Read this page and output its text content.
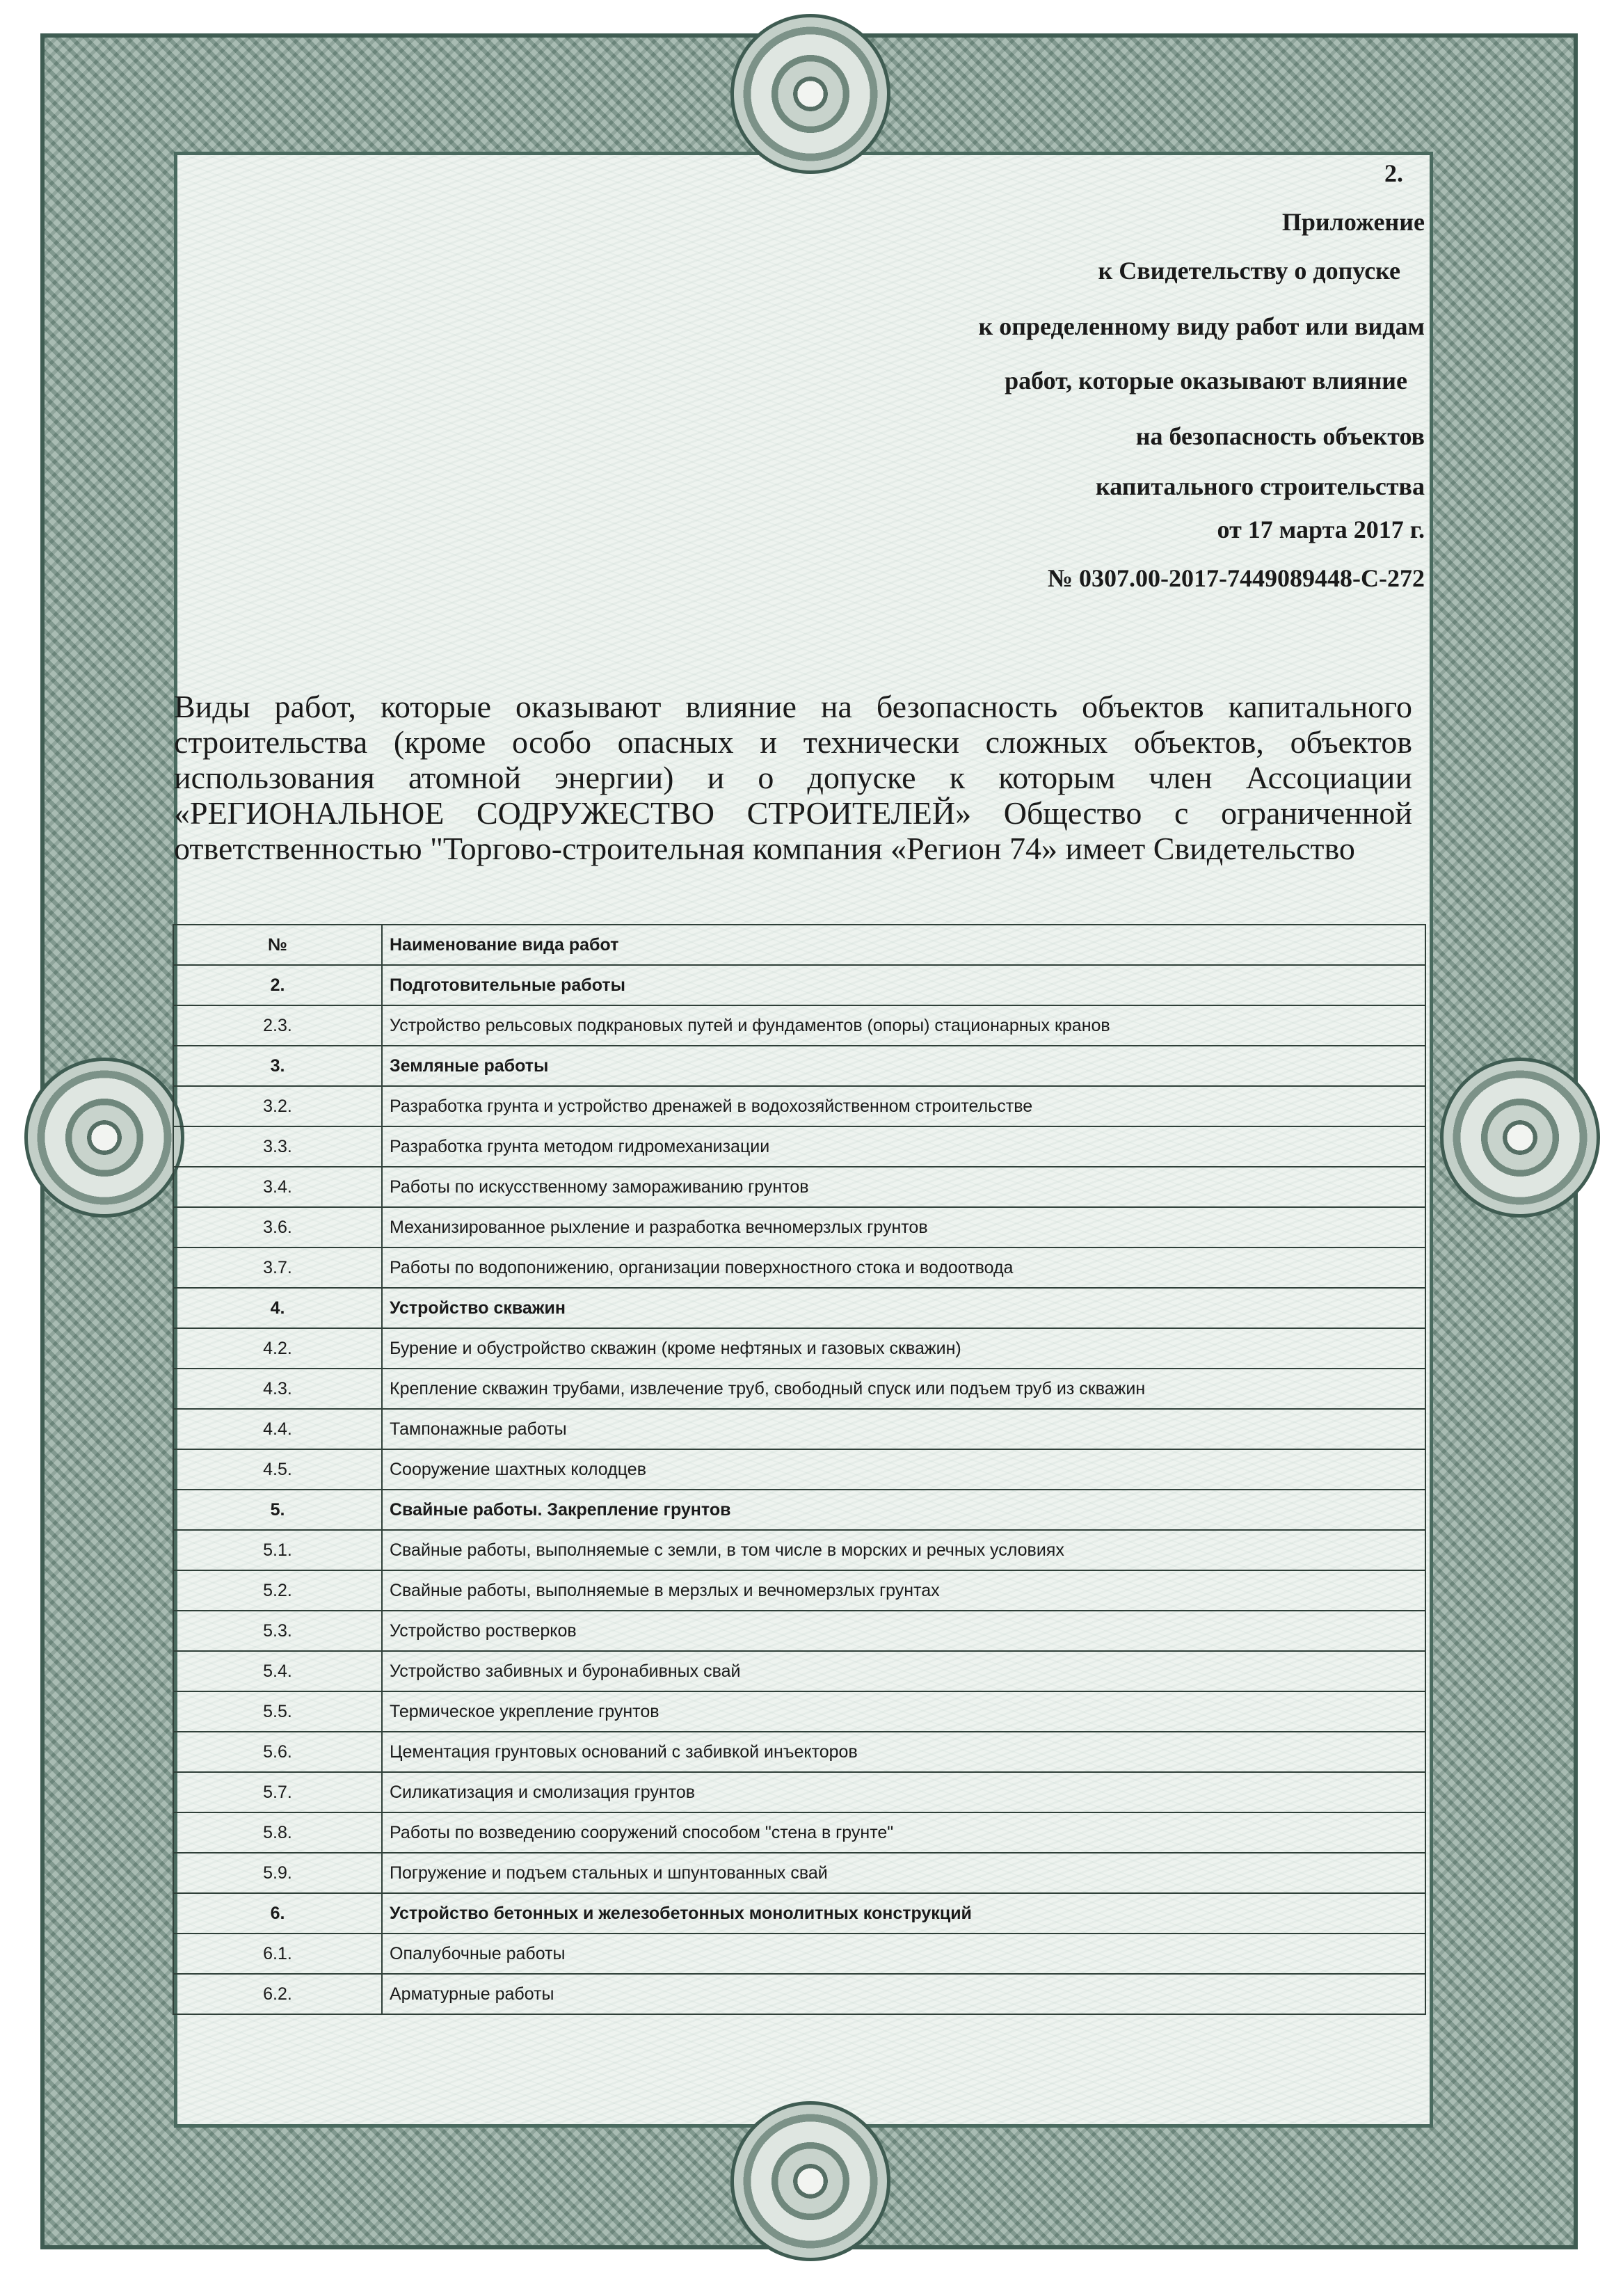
2.
Приложение
к Свидетельству о допуске
к определенному виду работ или видам
работ, которые оказывают влияние
на безопасность объектов
капитального строительства
от 17 марта 2017 г.
№ 0307.00-2017-7449089448-С-272

Виды работ, которые оказывают влияние на безопасность объектов капитального строительства (кроме особо опасных и технически сложных объектов, объектов использования атомной энергии) и о допуске к которым член Ассоциации «РЕГИОНАЛЬНОЕ СОДРУЖЕСТВО СТРОИТЕЛЕЙ» Общество с ограниченной ответственностью "Торгово-строительная компания «Регион 74» имеет Свидетельство

№	Наименование вида работ
2.	Подготовительные работы
2.3.	Устройство рельсовых подкрановых путей и фундаментов (опоры) стационарных кранов
3.	Земляные работы
3.2.	Разработка грунта и устройство дренажей в водохозяйственном строительстве
3.3.	Разработка грунта методом гидромеханизации
3.4.	Работы по искусственному замораживанию грунтов
3.6.	Механизированное рыхление и разработка вечномерзлых грунтов
3.7.	Работы по водопонижению, организации поверхностного стока и водоотвода
4.	Устройство скважин
4.2.	Бурение и обустройство скважин (кроме нефтяных и газовых скважин)
4.3.	Крепление скважин трубами, извлечение труб, свободный спуск или подъем труб из скважин
4.4.	Тампонажные работы
4.5.	Сооружение шахтных колодцев
5.	Свайные работы. Закрепление грунтов
5.1.	Свайные работы, выполняемые с земли, в том числе в морских и речных условиях
5.2.	Свайные работы, выполняемые в мерзлых и вечномерзлых грунтах
5.3.	Устройство ростверков
5.4.	Устройство забивных и буронабивных свай
5.5.	Термическое укрепление грунтов
5.6.	Цементация грунтовых оснований с забивкой инъекторов
5.7.	Силикатизация и смолизация грунтов
5.8.	Работы по возведению сооружений способом "стена в грунте"
5.9.	Погружение и подъем стальных и шпунтованных свай
6.	Устройство бетонных и железобетонных монолитных конструкций
6.1.	Опалубочные работы
6.2.	Арматурные работы
